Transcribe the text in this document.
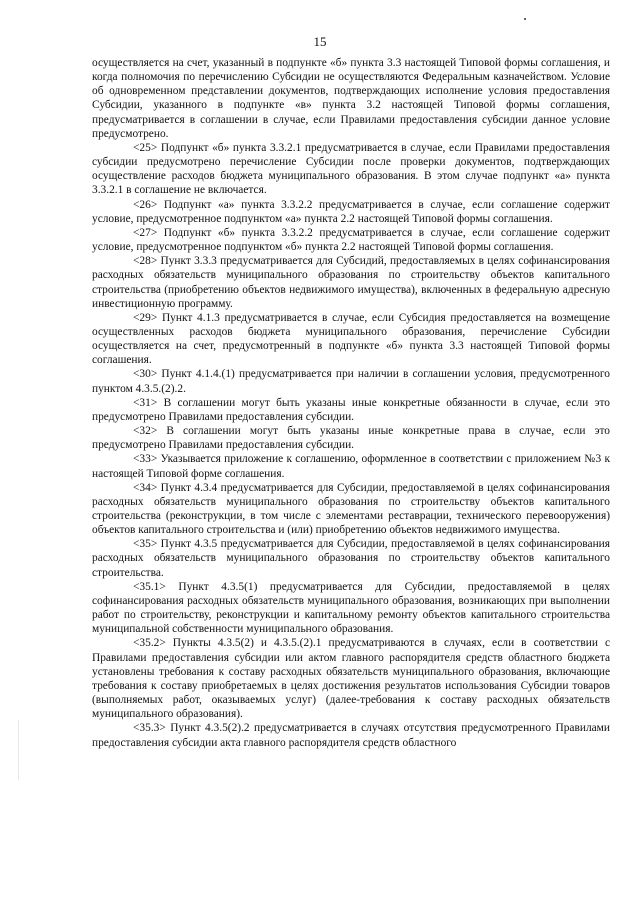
15

осуществляется на счет, указанный в подпункте «б» пункта 3.3 настоящей Типовой формы соглашения, и когда полномочия по перечислению Субсидии не осуществляются Федеральным казначейством. Условие об одновременном представлении документов, подтверждающих исполнение условия предоставления Субсидии, указанного в подпункте «в» пункта 3.2 настоящей Типовой формы соглашения, предусматривается в соглашении в случае, если Правилами предоставления субсидии данное условие предусмотрено.

<25> Подпункт «б» пункта 3.3.2.1 предусматривается в случае, если Правилами предоставления субсидии предусмотрено перечисление Субсидии после проверки документов, подтверждающих осуществление расходов бюджета муниципального образования. В этом случае подпункт «а» пункта 3.3.2.1 в соглашение не включается.

<26> Подпункт «а» пункта 3.3.2.2 предусматривается в случае, если соглашение содержит условие, предусмотренное подпунктом «а» пункта 2.2 настоящей Типовой формы соглашения.

<27> Подпункт «б» пункта 3.3.2.2 предусматривается в случае, если соглашение содержит условие, предусмотренное подпунктом «б» пункта 2.2 настоящей Типовой формы соглашения.

<28> Пункт 3.3.3 предусматривается для Субсидий, предоставляемых в целях софинансирования расходных обязательств муниципального образования по строительству объектов капитального строительства (приобретению объектов недвижимого имущества), включенных в федеральную адресную инвестиционную программу.

<29> Пункт 4.1.3 предусматривается в случае, если Субсидия предоставляется на возмещение осуществленных расходов бюджета муниципального образования, перечисление Субсидии осуществляется на счет, предусмотренный в подпункте «б» пункта 3.3 настоящей Типовой формы соглашения.

<30> Пункт 4.1.4.(1) предусматривается при наличии в соглашении условия, предусмотренного пунктом 4.3.5.(2).2.

<31> В соглашении могут быть указаны иные конкретные обязанности в случае, если это предусмотрено Правилами предоставления субсидии.

<32> В соглашении могут быть указаны иные конкретные права в случае, если это предусмотрено Правилами предоставления субсидии.

<33> Указывается приложение к соглашению, оформленное в соответствии с приложением №3 к настоящей Типовой форме соглашения.

<34> Пункт 4.3.4 предусматривается для Субсидии, предоставляемой в целях софинансирования расходных обязательств муниципального образования по строительству объектов капитального строительства (реконструкции, в том числе с элементами реставрации, технического перевооружения) объектов капитального строительства и (или) приобретению объектов недвижимого имущества.

<35> Пункт 4.3.5 предусматривается для Субсидии, предоставляемой в целях софинансирования расходных обязательств муниципального образования по строительству объектов капитального строительства.

<35.1> Пункт 4.3.5(1) предусматривается для Субсидии, предоставляемой в целях софинансирования расходных обязательств муниципального образования, возникающих при выполнении работ по строительству, реконструкции и капитальному ремонту объектов капитального строительства муниципальной собственности муниципального образования.

<35.2> Пункты 4.3.5(2) и 4.3.5.(2).1 предусматриваются в случаях, если в соответствии с Правилами предоставления субсидии или актом главного распорядителя средств областного бюджета установлены требования к составу расходных обязательств муниципального образования, включающие требования к составу приобретаемых в целях достижения результатов использования Субсидии товаров (выполняемых работ, оказываемых услуг) (далее-требования к составу расходных обязательств муниципального образования).

<35.3> Пункт 4.3.5(2).2 предусматривается в случаях отсутствия предусмотренного Правилами предоставления субсидии акта главного распорядителя средств областного
